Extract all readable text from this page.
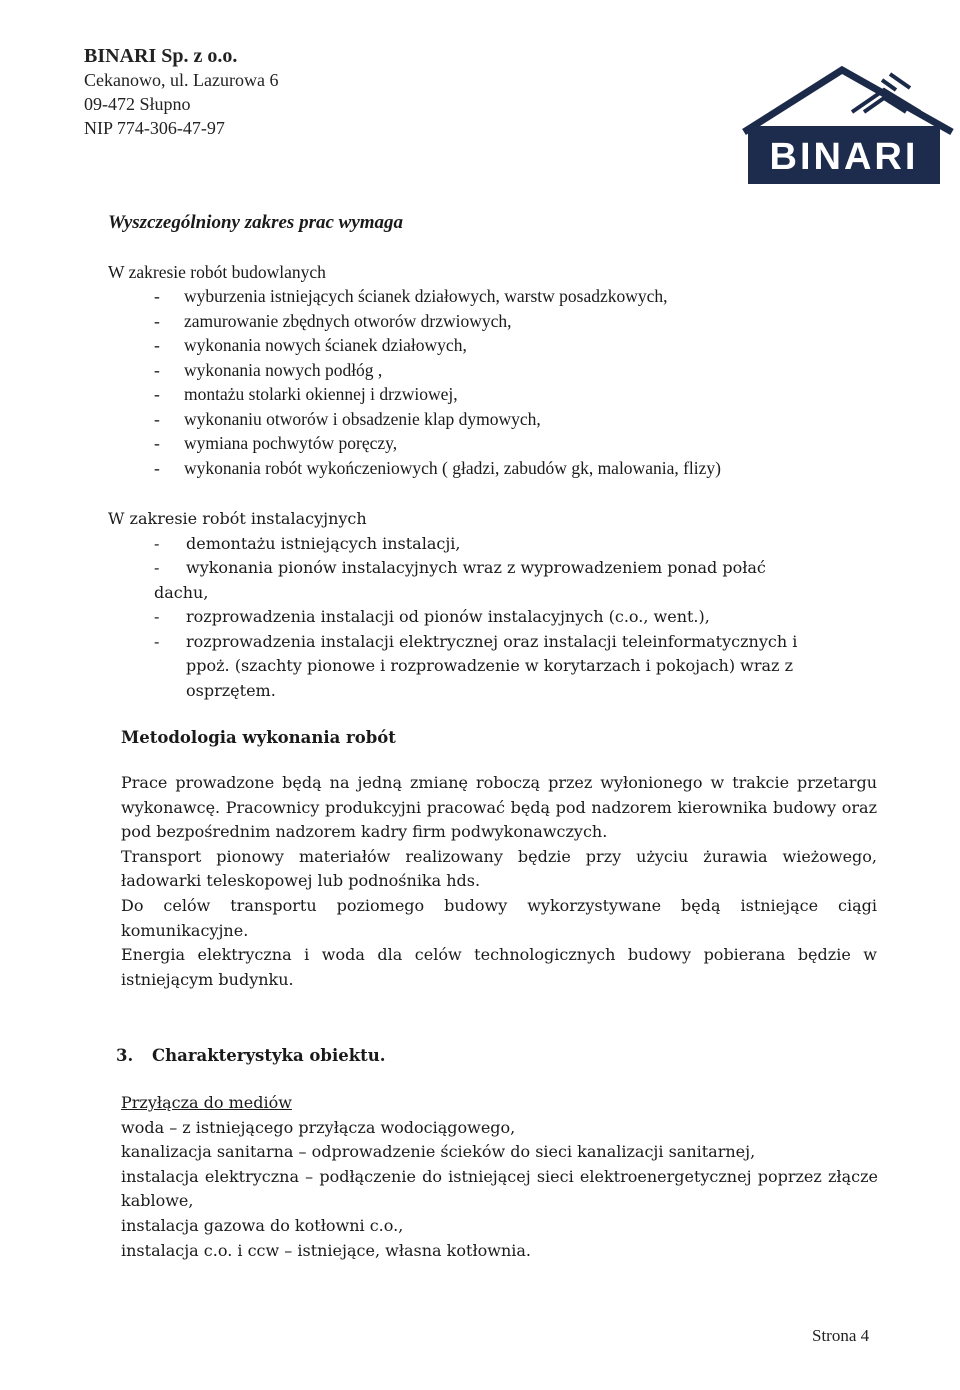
BINARI Sp. z o.o.
Cekanowo, ul. Lazurowa 6
09-472 Słupno
NIP 774-306-47-97
BINARI
Wyszczególniony zakres prac wymaga
W zakresie robót budowlanych
- wyburzenia istniejących ścianek działowych, warstw posadzkowych,
- zamurowanie zbędnych otworów drzwiowych,
- wykonania nowych ścianek działowych,
- wykonania nowych podłóg ,
- montażu stolarki okiennej i drzwiowej,
- wykonaniu otworów i obsadzenie klap dymowych,
- wymiana pochwytów poręczy,
- wykonania robót wykończeniowych ( gładzi, zabudów gk, malowania, flizy)
W zakresie robót instalacyjnych
- demontażu istniejących instalacji,
- wykonania pionów instalacyjnych wraz z wyprowadzeniem ponad połać
dachu,
- rozprowadzenia instalacji od pionów instalacyjnych (c.o., went.),
- rozprowadzenia instalacji elektrycznej oraz instalacji teleinformatycznych i
ppoż. (szachty pionowe i rozprowadzenie w korytarzach i pokojach) wraz z
osprzętem.
Metodologia wykonania robót

Prace prowadzone będą na jedną zmianę roboczą przez wyłonionego w trakcie przetargu wykonawcę. Pracownicy produkcyjni pracować będą pod nadzorem kierownika budowy oraz pod bezpośrednim nadzorem kadry firm podwykonawczych.

Transport pionowy materiałów realizowany będzie przy użyciu żurawia wieżowego, ładowarki teleskopowej lub podnośnika hds.

Do celów transportu poziomego budowy wykorzystywane będą istniejące ciągi komunikacyjne.

Energia elektryczna i woda dla celów technologicznych budowy pobierana będzie w istniejącym budynku.

3. Charakterystyka obiektu.
Przyłącza do mediów

woda – z istniejącego przyłącza wodociągowego,

kanalizacja sanitarna – odprowadzenie ścieków do sieci kanalizacji sanitarnej,

instalacja elektryczna – podłączenie do istniejącej sieci elektroenergetycznej poprzez złącze kablowe,

instalacja gazowa do kotłowni c.o.,

instalacja c.o. i ccw – istniejące, własna kotłownia.

Strona 4
